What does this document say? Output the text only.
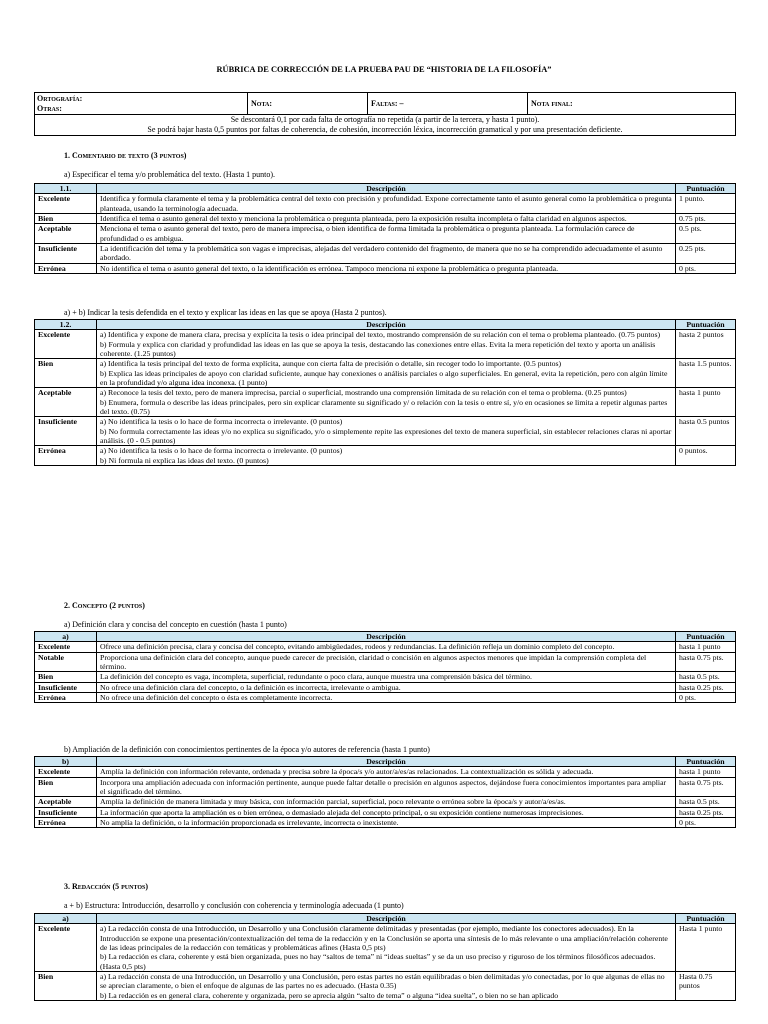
RÚBRICA DE CORRECCIÓN DE LA PRUEBA PAU DE “HISTORIA DE LA FILOSOFÍA”
Ortografía:
Otras:
	Nota:	Faltas: –	Nota final:

Se descontará 0,1 por cada falta de ortografía no repetida (a partir de la tercera, y hasta 1 punto).
Se podrá bajar hasta 0,5 puntos por faltas de coherencia, de cohesión, incorrección léxica, incorrección gramatical y por una presentación deficiente.
1. Comentario de texto (3 puntos)
a) Especificar el tema y/o problemática del texto. (Hasta 1 punto).
1.1.	Descripción	Puntuación
Excelente	Identifica y formula claramente el tema y la problemática central del texto con precisión y profundidad. Expone correctamente tanto el asunto general como la problemática o pregunta planteada, usando la terminología adecuada.	1 punto.
Bien	Identifica el tema o asunto general del texto y menciona la problemática o pregunta planteada, pero la exposición resulta incompleta o falta claridad en algunos aspectos.	0.75 pts.
Aceptable	Menciona el tema o asunto general del texto, pero de manera imprecisa, o bien identifica de forma limitada la problemática o pregunta planteada. La formulación carece de profundidad o es ambigua.	0.5 pts.
Insuficiente	La identificación del tema y la problemática son vagas e imprecisas, alejadas del verdadero contenido del fragmento, de manera que no se ha comprendido adecuadamente el asunto abordado.	0.25 pts.
Errónea	No identifica el tema o asunto general del texto, o la identificación es errónea. Tampoco menciona ni expone la problemática o pregunta planteada.	0 pts.
a) + b) Indicar la tesis defendida en el texto y explicar las ideas en las que se apoya (Hasta 2 puntos).
1.2.	Descripción	Puntuación
Excelente	a) Identifica y expone de manera clara, precisa y explícita la tesis o idea principal del texto, mostrando comprensión de su relación con el tema o problema planteado. (0.75 puntos)
b) Formula y explica con claridad y profundidad las ideas en las que se apoya la tesis, destacando las conexiones entre ellas. Evita la mera repetición del texto y aporta un análisis coherente. (1.25 puntos)	hasta 2 puntos
Bien	a) Identifica la tesis principal del texto de forma explícita, aunque con cierta falta de precisión o detalle, sin recoger todo lo importante. (0.5 puntos)
b) Explica las ideas principales de apoyo con claridad suficiente, aunque hay conexiones o análisis parciales o algo superficiales. En general, evita la repetición, pero con algún límite en la profundidad y/o alguna idea inconexa. (1 punto)	hasta 1.5 puntos.
Aceptable	a) Reconoce la tesis del texto, pero de manera imprecisa, parcial o superficial, mostrando una comprensión limitada de su relación con el tema o problema. (0.25 puntos)
b) Enumera, formula o describe las ideas principales, pero sin explicar claramente su significado y/ o relación con la tesis o entre sí, y/o en ocasiones se limita a repetir algunas partes del texto. (0.75)	hasta 1 punto
Insuficiente	a) No identifica la tesis o lo hace de forma incorrecta o irrelevante. (0 puntos)
b) No formula correctamente las ideas y/o no explica su significado, y/o o simplemente repite las expresiones del texto de manera superficial, sin establecer relaciones claras ni aportar análisis. (0 - 0.5 puntos)	hasta 0.5 puntos
Errónea	a) No identifica la tesis o lo hace de forma incorrecta o irrelevante. (0 puntos)
b) Ni formula ni explica las ideas del texto. (0 puntos)	0 puntos.
2. Concepto (2 puntos)
a) Definición clara y concisa del concepto en cuestión (hasta 1 punto)
a)	Descripción	Puntuación
Excelente	Ofrece una definición precisa, clara y concisa del concepto, evitando ambigüedades, rodeos y redundancias. La definición refleja un dominio completo del concepto.	hasta 1 punto
Notable	Proporciona una definición clara del concepto, aunque puede carecer de precisión, claridad o concisión en algunos aspectos menores que impidan la comprensión completa del término.	hasta 0.75 pts.
Bien	La definición del concepto es vaga, incompleta, superficial, redundante o poco clara, aunque muestra una comprensión básica del término.	hasta 0.5 pts.
Insuficiente	No ofrece una definición clara del concepto, o la definición es incorrecta, irrelevante o ambigua.	hasta 0.25 pts.
Errónea	No ofrece una definición del concepto o ésta es completamente incorrecta.	0 pts.
b) Ampliación de la definición con conocimientos pertinentes de la época y/o autores de referencia (hasta 1 punto)
b)	Descripción	Puntuación
Excelente	Amplía la definición con información relevante, ordenada y precisa sobre la época/s y/o autor/a/es/as relacionados. La contextualización es sólida y adecuada.	hasta 1 punto
Bien	Incorpora una ampliación adecuada con información pertinente, aunque puede faltar detalle o precisión en algunos aspectos, dejándose fuera conocimientos importantes para ampliar el significado del término.	hasta 0.75 pts.
Aceptable	Amplía la definición de manera limitada y muy básica, con información parcial, superficial, poco relevante o errónea sobre la época/s y autor/a/es/as.	hasta 0.5 pts.
Insuficiente	La información que aporta la ampliación es o bien errónea, o demasiado alejada del concepto principal, o su exposición contiene numerosas imprecisiones.	hasta 0.25 pts.
Errónea	No amplía la definición, o la información proporcionada es irrelevante, incorrecta o inexistente.	0 pts.
3. Redacción (5 puntos)
a + b) Estructura: Introducción, desarrollo y conclusión con coherencia y terminología adecuada (1 punto)
a)	Descripción	Puntuación
Excelente	a) La redacción consta de una Introducción, un Desarrollo y una Conclusión claramente delimitadas y presentadas (por ejemplo, mediante los conectores adecuados). En la Introducción se expone una presentación/contextualización del tema de la redacción y en la Conclusión se aporta una síntesis de lo más relevante o una ampliación/relación coherente de las ideas principales de la redacción con temáticas y problemáticas afines (Hasta 0,5 pts)
b) La redacción es clara, coherente y está bien organizada, pues no hay “saltos de tema” ni “ideas sueltas” y se da un uso preciso y riguroso de los términos filosóficos adecuados. (Hasta 0,5 pts)	Hasta 1 punto
Bien	a) La redacción consta de una Introducción, un Desarrollo y una Conclusión, pero estas partes no están equilibradas o bien delimitadas y/o conectadas, por lo que algunas de ellas no se aprecian claramente, o bien el enfoque de algunas de las partes no es adecuado. (Hasta 0.35)
b) La redacción es en general clara, coherente y organizada, pero se aprecia algún “salto de tema” o alguna “idea suelta”, o bien no se han aplicado	Hasta 0.75 puntos
